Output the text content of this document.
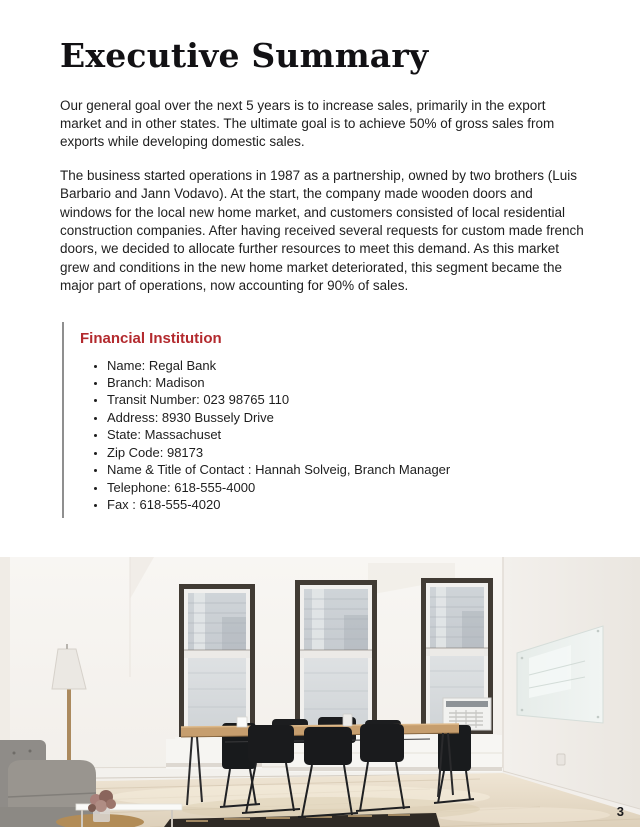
Executive Summary

Our general goal over the next 5 years is to increase sales, primarily in the export market and in other states. The ultimate goal is to achieve 50% of gross sales from exports while developing domestic sales.

The business started operations in 1987 as a partnership, owned by two brothers (Luis Barbario and Jann Vodavo). At the start, the company made wooden doors and windows for the local new home market, and customers consisted of local residential construction companies. After having received several requests for custom made french doors, we decided to allocate further resources to meet this demand. As this market grew and conditions in the new home market deteriorated, this segment became the major part of operations, now accounting for 90% of sales.

Financial Institution
• Name: Regal Bank
• Branch: Madison
• Transit Number: 023 98765 110
• Address: 8930 Bussely Drive
• State: Massachuset
• Zip Code: 98173
• Name & Title of Contact : Hannah Solveig, Branch Manager
• Telephone: 618-555-4000
• Fax : 618-555-4020
3
